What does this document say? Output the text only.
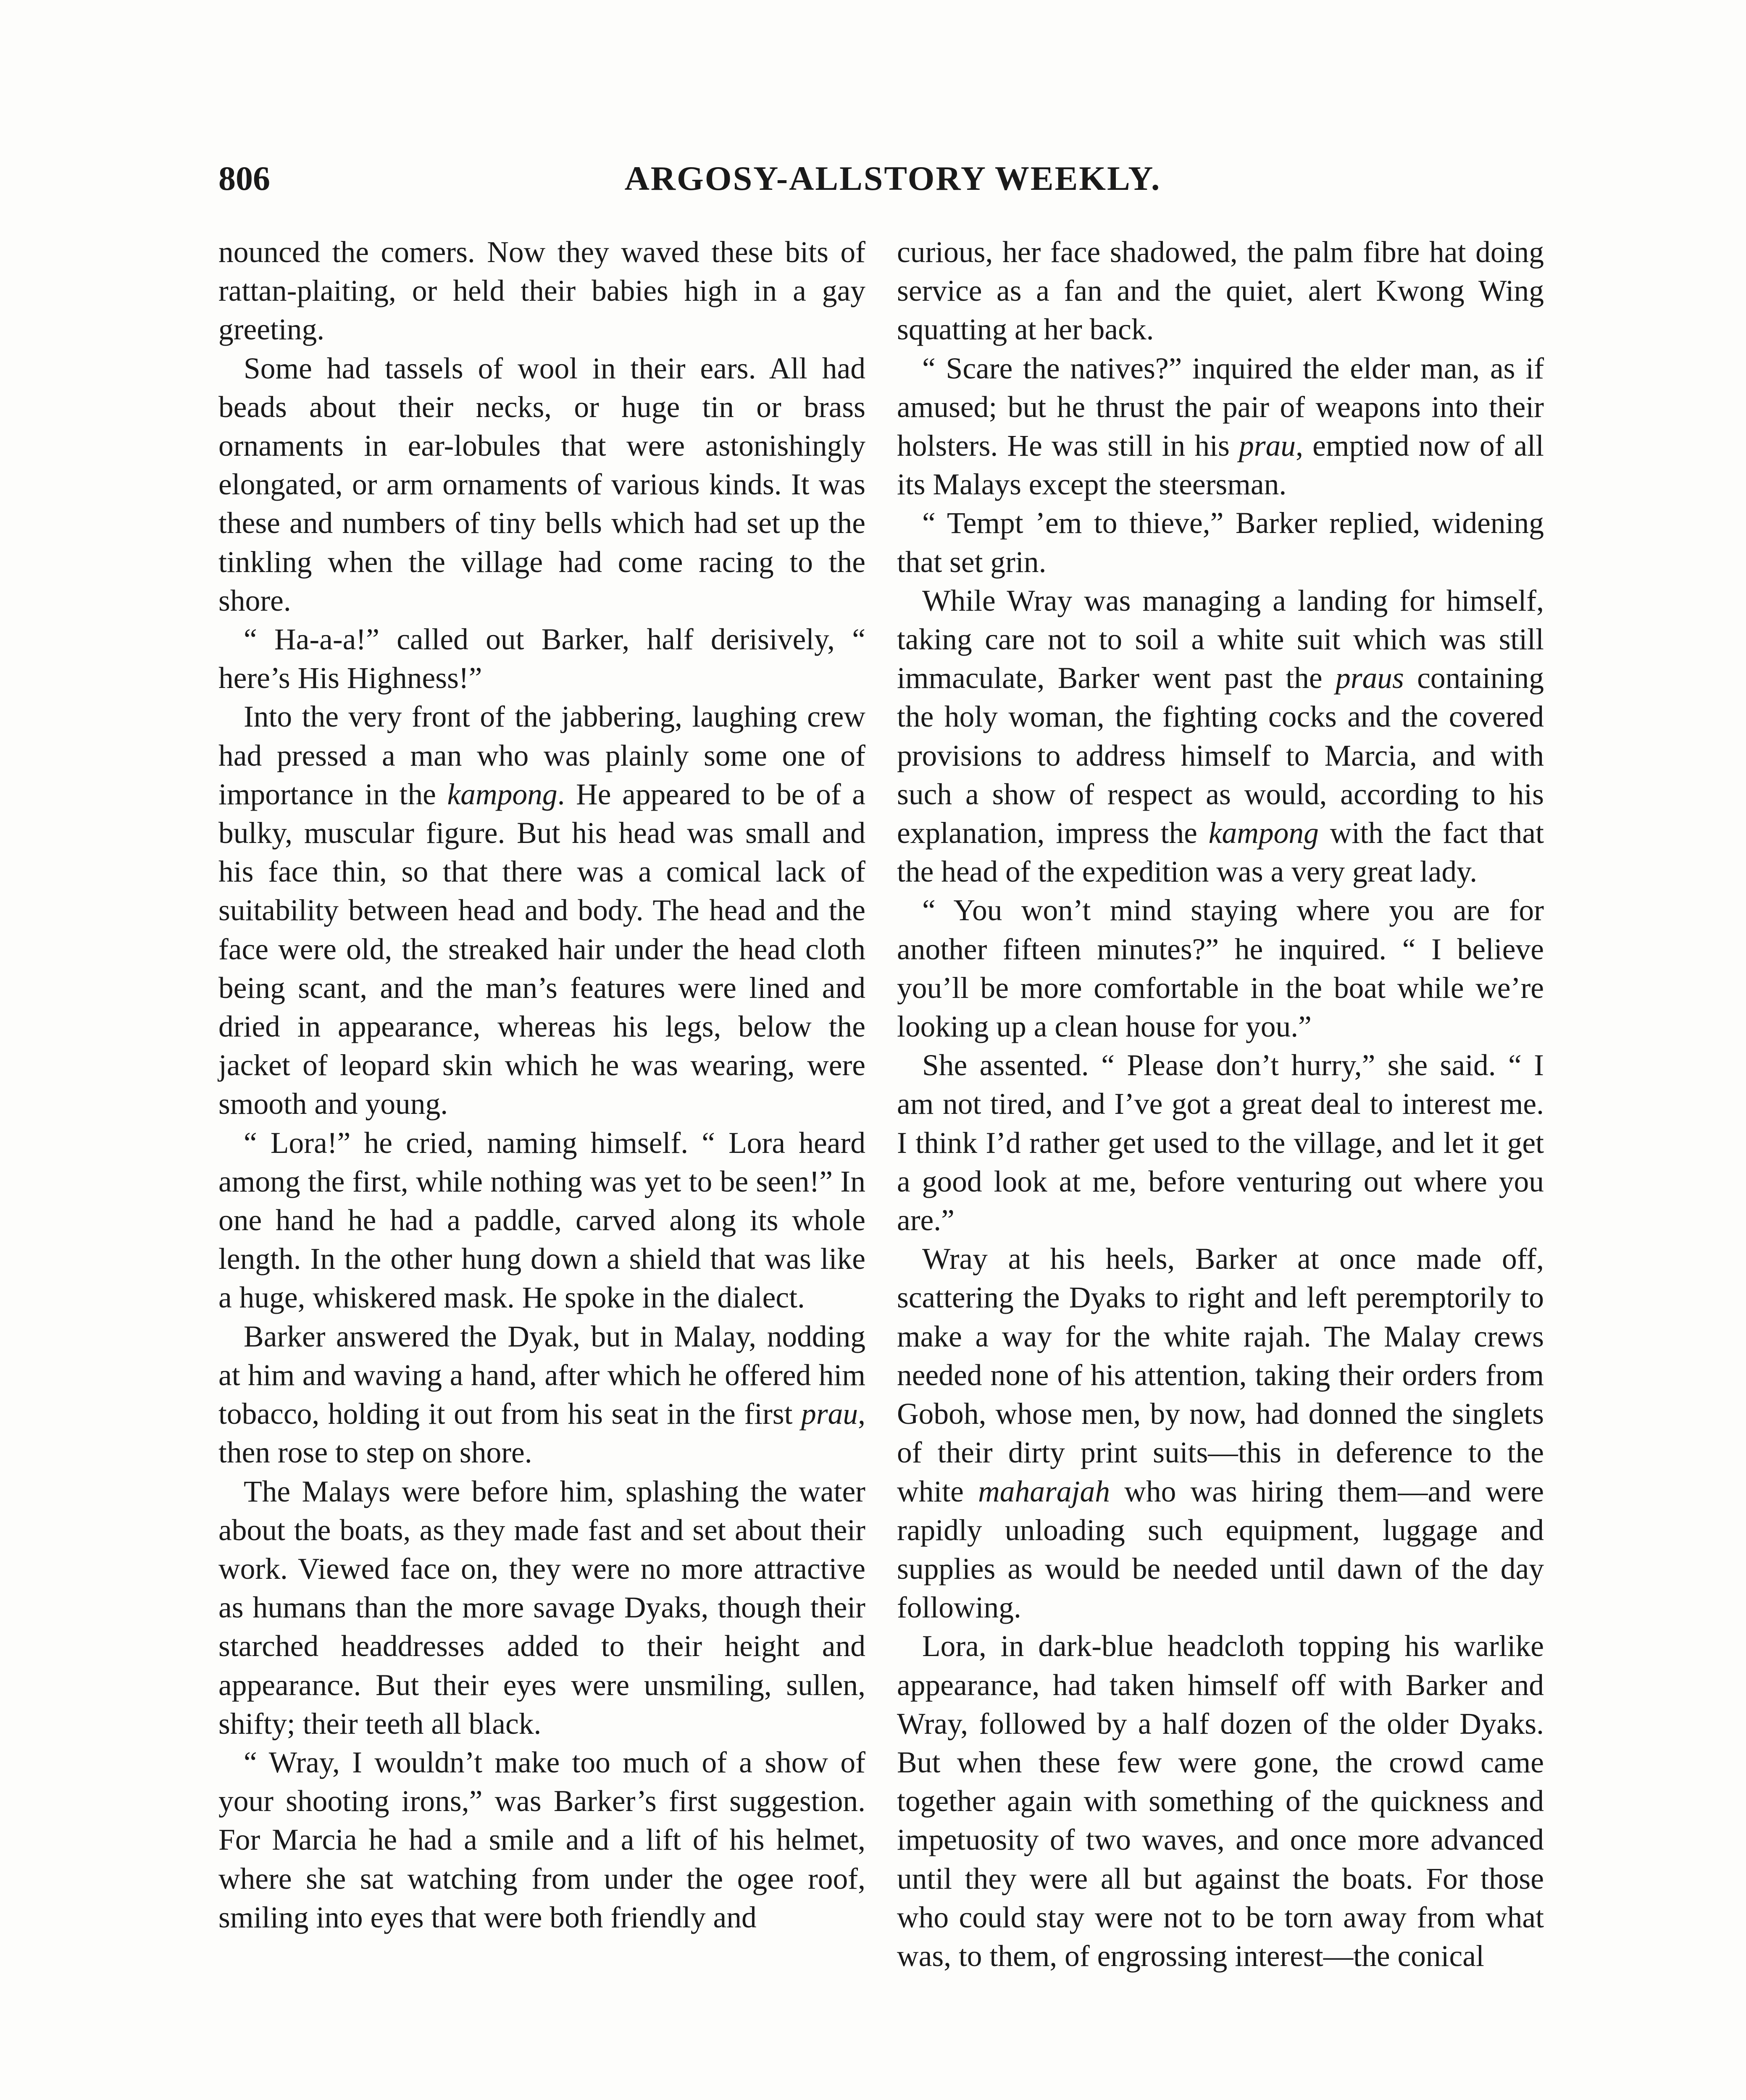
806	ARGOSY-ALLSTORY WEEKLY.

nounced the comers. Now they waved these bits of rattan-plaiting, or held their babies high in a gay greeting.

Some had tassels of wool in their ears. All had beads about their necks, or huge tin or brass ornaments in ear-lobules that were astonishingly elongated, or arm ornaments of various kinds. It was these and numbers of tiny bells which had set up the tinkling when the village had come racing to the shore.

“ Ha-a-a!” called out Barker, half derisively, “ here’s His Highness!”

Into the very front of the jabbering, laughing crew had pressed a man who was plainly some one of importance in the kampong. He appeared to be of a bulky, muscular figure. But his head was small and his face thin, so that there was a comical lack of suitability between head and body. The head and the face were old, the streaked hair under the head cloth being scant, and the man’s features were lined and dried in appearance, whereas his legs, below the jacket of leopard skin which he was wearing, were smooth and young.

“ Lora!” he cried, naming himself. “ Lora heard among the first, while nothing was yet to be seen!” In one hand he had a paddle, carved along its whole length. In the other hung down a shield that was like a huge, whiskered mask. He spoke in the dialect.

Barker answered the Dyak, but in Malay, nodding at him and waving a hand, after which he offered him tobacco, holding it out from his seat in the first prau, then rose to step on shore.

The Malays were before him, splashing the water about the boats, as they made fast and set about their work. Viewed face on, they were no more attractive as humans than the more savage Dyaks, though their starched headdresses added to their height and appearance. But their eyes were unsmiling, sullen, shifty; their teeth all black.

“ Wray, I wouldn’t make too much of a show of your shooting irons,” was Barker’s first suggestion. For Marcia he had a smile and a lift of his helmet, where she sat watching from under the ogee roof, smiling into eyes that were both friendly and

curious, her face shadowed, the palm fibre hat doing service as a fan and the quiet, alert Kwong Wing squatting at her back.

“ Scare the natives?” inquired the elder man, as if amused; but he thrust the pair of weapons into their holsters. He was still in his prau, emptied now of all its Malays except the steersman.

“ Tempt ’em to thieve,” Barker replied, widening that set grin.

While Wray was managing a landing for himself, taking care not to soil a white suit which was still immaculate, Barker went past the praus containing the holy woman, the fighting cocks and the covered provisions to address himself to Marcia, and with such a show of respect as would, according to his explanation, impress the kampong with the fact that the head of the expedition was a very great lady.

“ You won’t mind staying where you are for another fifteen minutes?” he inquired. “ I believe you’ll be more comfortable in the boat while we’re looking up a clean house for you.”

She assented. “ Please don’t hurry,” she said. “ I am not tired, and I’ve got a great deal to interest me. I think I’d rather get used to the village, and let it get a good look at me, before venturing out where you are.”

Wray at his heels, Barker at once made off, scattering the Dyaks to right and left peremptorily to make a way for the white rajah. The Malay crews needed none of his attention, taking their orders from Goboh, whose men, by now, had donned the singlets of their dirty print suits—this in deference to the white maharajah who was hiring them—and were rapidly unloading such equipment, luggage and supplies as would be needed until dawn of the day following.

Lora, in dark-blue headcloth topping his warlike appearance, had taken himself off with Barker and Wray, followed by a half dozen of the older Dyaks. But when these few were gone, the crowd came together again with something of the quickness and impetuosity of two waves, and once more advanced until they were all but against the boats. For those who could stay were not to be torn away from what was, to them, of engrossing interest—the conical
